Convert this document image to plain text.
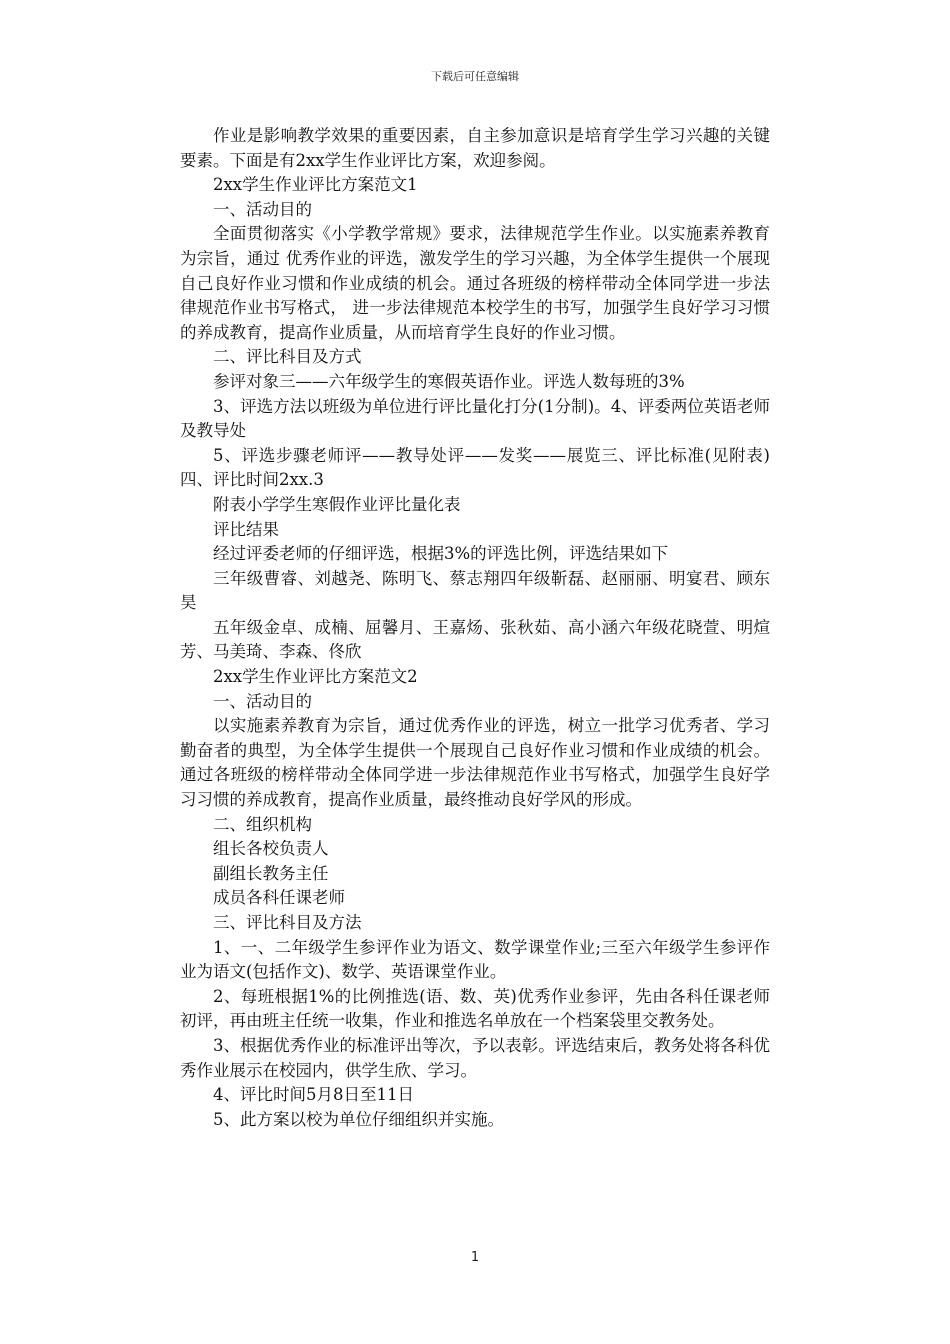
下载后可任意编辑

作业是影响教学效果的重要因素，自主参加意识是培育学生学习兴趣的关键要素。下面是有2xx学生作业评比方案，欢迎参阅。

2xx学生作业评比方案范文1

一、活动目的

全面贯彻落实《小学教学常规》要求，法律规范学生作业。以实施素养教育为宗旨，通过 优秀作业的评选，激发学生的学习兴趣，为全体学生提供一个展现自己良好作业习惯和作业成绩的机会。通过各班级的榜样带动全体同学进一步法律规范作业书写格式， 进一步法律规范本校学生的书写，加强学生良好学习习惯的养成教育，提高作业质量，从而培育学生良好的作业习惯。

二、评比科目及方式

参评对象三——六年级学生的寒假英语作业。评选人数每班的3%

3、评选方法以班级为单位进行评比量化打分(1分制)。4、评委两位英语老师及教导处

5、评选步骤老师评——教导处评——发奖——展览三、评比标准(见附表)四、评比时间2xx.3

附表小学学生寒假作业评比量化表

评比结果

经过评委老师的仔细评选，根据3%的评选比例，评选结果如下

三年级曹睿、刘越尧、陈明飞、蔡志翔四年级靳磊、赵丽丽、明宴君、顾东昊

五年级金卓、成楠、屈馨月、王嘉炀、张秋茹、高小涵六年级花晓萱、明煊芳、马美琦、李森、佟欣

2xx学生作业评比方案范文2

一、活动目的

以实施素养教育为宗旨，通过优秀作业的评选，树立一批学习优秀者、学习勤奋者的典型，为全体学生提供一个展现自己良好作业习惯和作业成绩的机会。通过各班级的榜样带动全体同学进一步法律规范作业书写格式，加强学生良好学习习惯的养成教育，提高作业质量，最终推动良好学风的形成。

二、组织机构

组长各校负责人

副组长教务主任

成员各科任课老师

三、评比科目及方法

1、一、二年级学生参评作业为语文、数学课堂作业;三至六年级学生参评作业为语文(包括作文)、数学、英语课堂作业。

2、每班根据1%的比例推选(语、数、英)优秀作业参评，先由各科任课老师初评，再由班主任统一收集，作业和推选名单放在一个档案袋里交教务处。

3、根据优秀作业的标准评出等次，予以表彰。评选结束后，教务处将各科优秀作业展示在校园内，供学生欣、学习。

4、评比时间5月8日至11日

5、此方案以校为单位仔细组织并实施。

1
